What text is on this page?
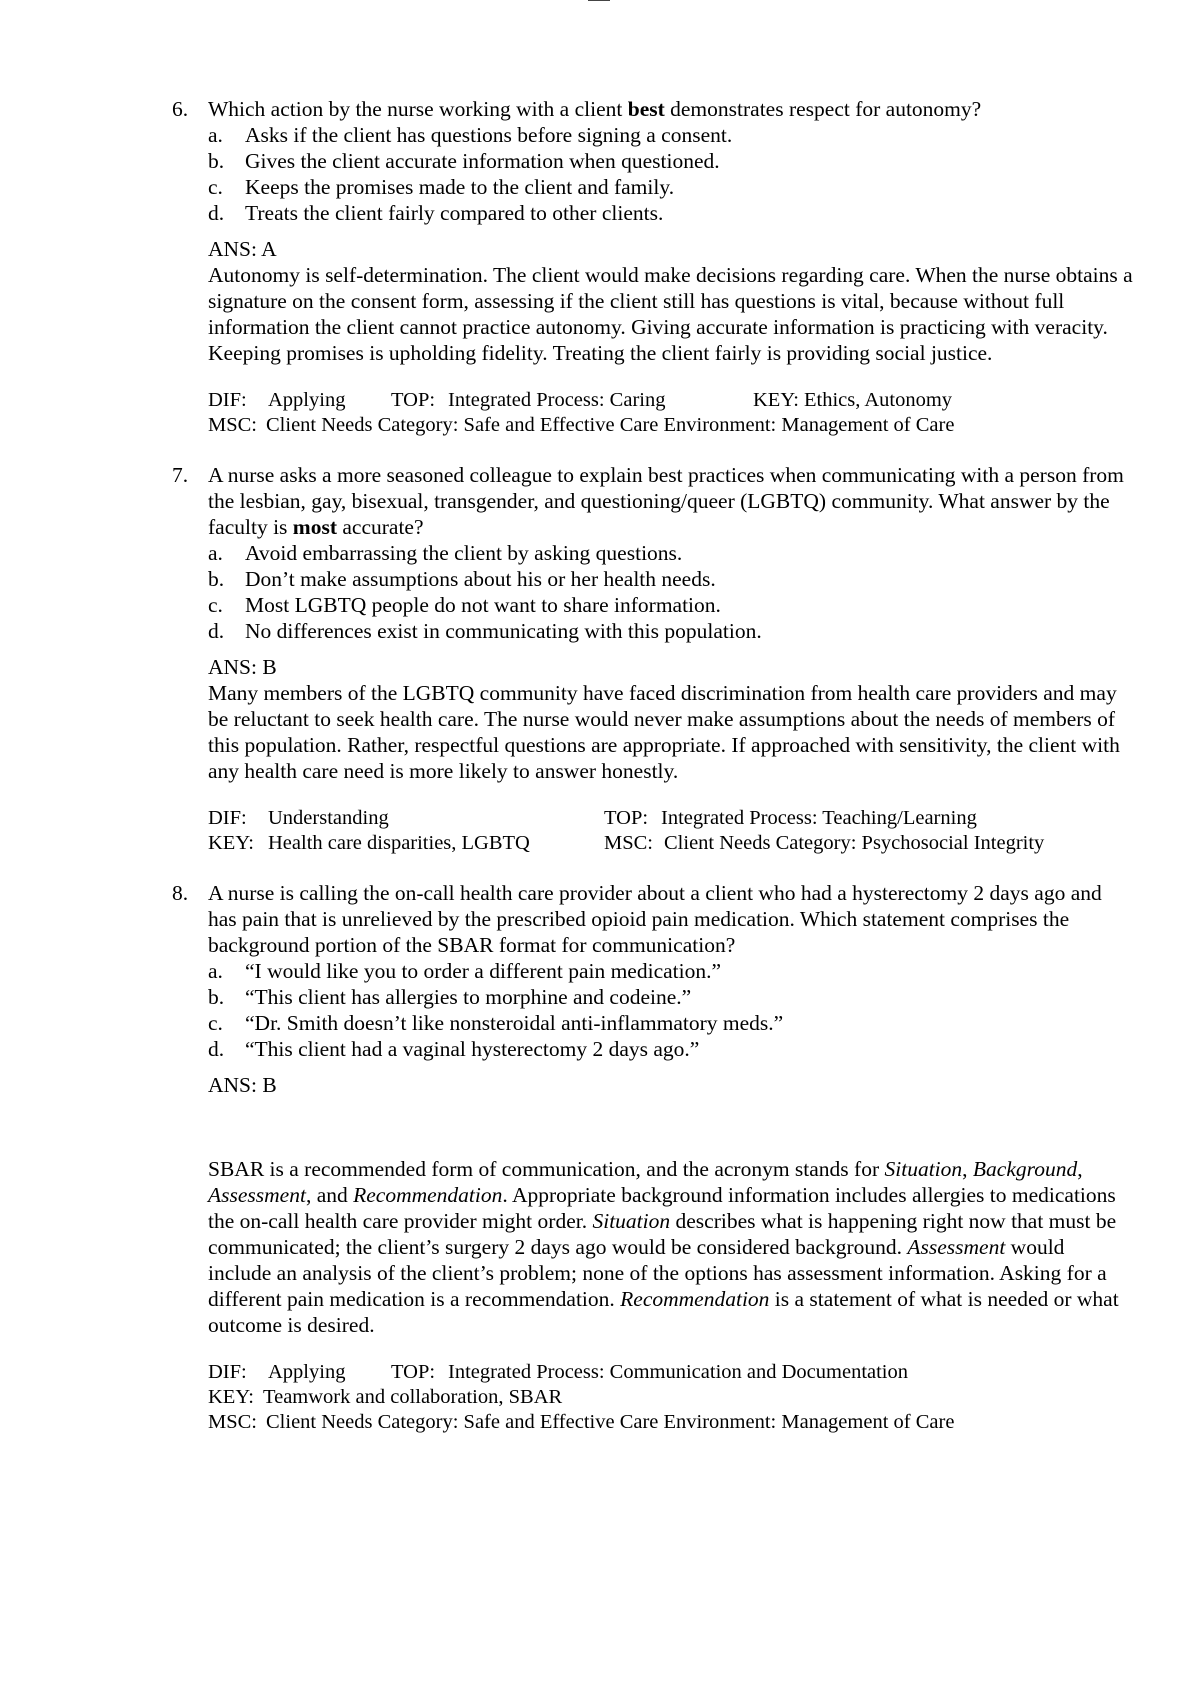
6. Which action by the nurse working with a client best demonstrates respect for autonomy?
a. Asks if the client has questions before signing a consent.
b. Gives the client accurate information when questioned.
c. Keeps the promises made to the client and family.
d. Treats the client fairly compared to other clients.
ANS: A
Autonomy is self-determination. The client would make decisions regarding care. When the nurse obtains a signature on the consent form, assessing if the client still has questions is vital, because without full information the client cannot practice autonomy. Giving accurate information is practicing with veracity. Keeping promises is upholding fidelity. Treating the client fairly is providing social justice.
DIF: Applying TOP: Integrated Process: Caring	KEY: Ethics, Autonomy
MSC: Client Needs Category: Safe and Effective Care Environment: Management of Care
7. A nurse asks a more seasoned colleague to explain best practices when communicating with a person from the lesbian, gay, bisexual, transgender, and questioning/queer (LGBTQ) community. What answer by the faculty is most accurate?
a. Avoid embarrassing the client by asking questions.
b. Don’t make assumptions about his or her health needs.
c. Most LGBTQ people do not want to share information.
d. No differences exist in communicating with this population.
ANS: B
Many members of the LGBTQ community have faced discrimination from health care providers and may be reluctant to seek health care. The nurse would never make assumptions about the needs of members of this population. Rather, respectful questions are appropriate. If approached with sensitivity, the client with any health care need is more likely to answer honestly.
DIF: Understanding	TOP: Integrated Process: Teaching/Learning
KEY: Health care disparities, LGBTQ	MSC: Client Needs Category: Psychosocial Integrity
8. A nurse is calling the on-call health care provider about a client who had a hysterectomy 2 days ago and has pain that is unrelieved by the prescribed opioid pain medication. Which statement comprises the background portion of the SBAR format for communication?
a. “I would like you to order a different pain medication.”
b. “This client has allergies to morphine and codeine.”
c. “Dr. Smith doesn’t like nonsteroidal anti-inflammatory meds.”
d. “This client had a vaginal hysterectomy 2 days ago.”
ANS: B
SBAR is a recommended form of communication, and the acronym stands for Situation, Background, Assessment, and Recommendation. Appropriate background information includes allergies to medications the on-call health care provider might order. Situation describes what is happening right now that must be communicated; the client’s surgery 2 days ago would be considered background. Assessment would include an analysis of the client’s problem; none of the options has assessment information. Asking for a different pain medication is a recommendation. Recommendation is a statement of what is needed or what outcome is desired.
DIF: Applying TOP: Integrated Process: Communication and Documentation
KEY: Teamwork and collaboration, SBAR
MSC: Client Needs Category: Safe and Effective Care Environment: Management of Care
